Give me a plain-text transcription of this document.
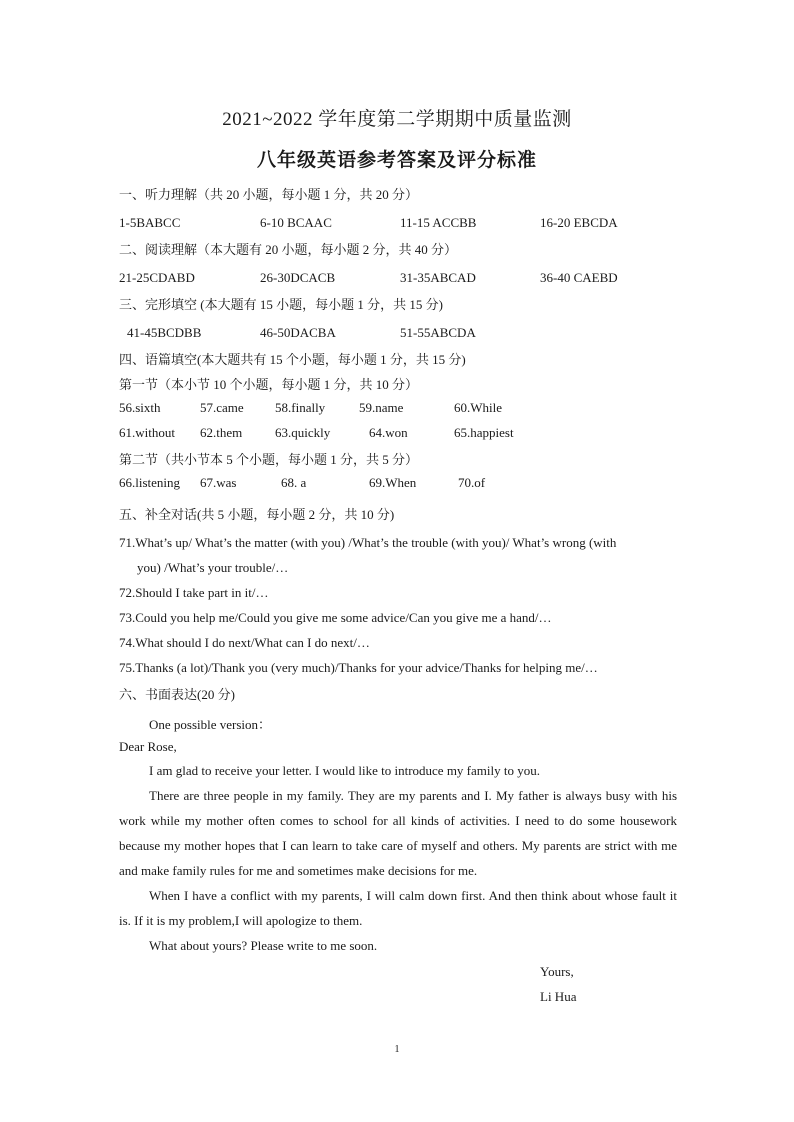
2021~2022 学年度第二学期期中质量监测
八年级英语参考答案及评分标准
一、听力理解（共 20 小题，每小题 1 分，共 20 分）
1-5BABCC	6-10 BCAAC	11-15 ACCBB	16-20 EBCDA
二、阅读理解（本大题有 20 小题，每小题 2 分，共 40 分）
21-25CDABD	26-30DCACB	31-35ABCAD	36-40 CAEBD
三、完形填空 (本大题有 15 小题，每小题 1 分，共 15 分)
41-45BCDBB	46-50DACBA	51-55ABCDA
四、语篇填空(本大题共有 15 个小题，每小题 1 分，共 15 分)
第一节（本小节 10 个小题，每小题 1 分，共 10 分）
56.sixth	57.came 58.finally	59.name	60.While
61.without 62.them	63.quickly	64.won	65.happiest
第二节（共小节本 5 个小题，每小题 1 分，共 5 分）
66.listening 67.was	68. a	69.When	70.of
五、补全对话(共 5 小题，每小题 2 分，共 10 分)
71.What’s up/ What’s the matter (with you) /What’s the trouble (with you)/ What’s wrong (with
you) /What’s your trouble/…
72.Should I take part in it/…
73.Could you help me/Could you give me some advice/Can you give me a hand/…
74.What should I do next/What can I do next/…
75.Thanks (a lot)/Thank you (very much)/Thanks for your advice/Thanks for helping me/…
六、书面表达(20 分)
One possible version：
Dear Rose,
I am glad to receive your letter. I would like to introduce my family to you.
There are three people in my family. They are my parents and I. My father is always busy with his work while my mother often comes to school for all kinds of activities. I need to do some housework because my mother hopes that I can learn to take care of myself and others. My parents are strict with me and make family rules for me and sometimes make decisions for me.
When I have a conflict with my parents, I will calm down first. And then think about whose fault it is. If it is my problem,I will apologize to them.
What about yours? Please write to me soon.
Yours,
Li Hua
1
